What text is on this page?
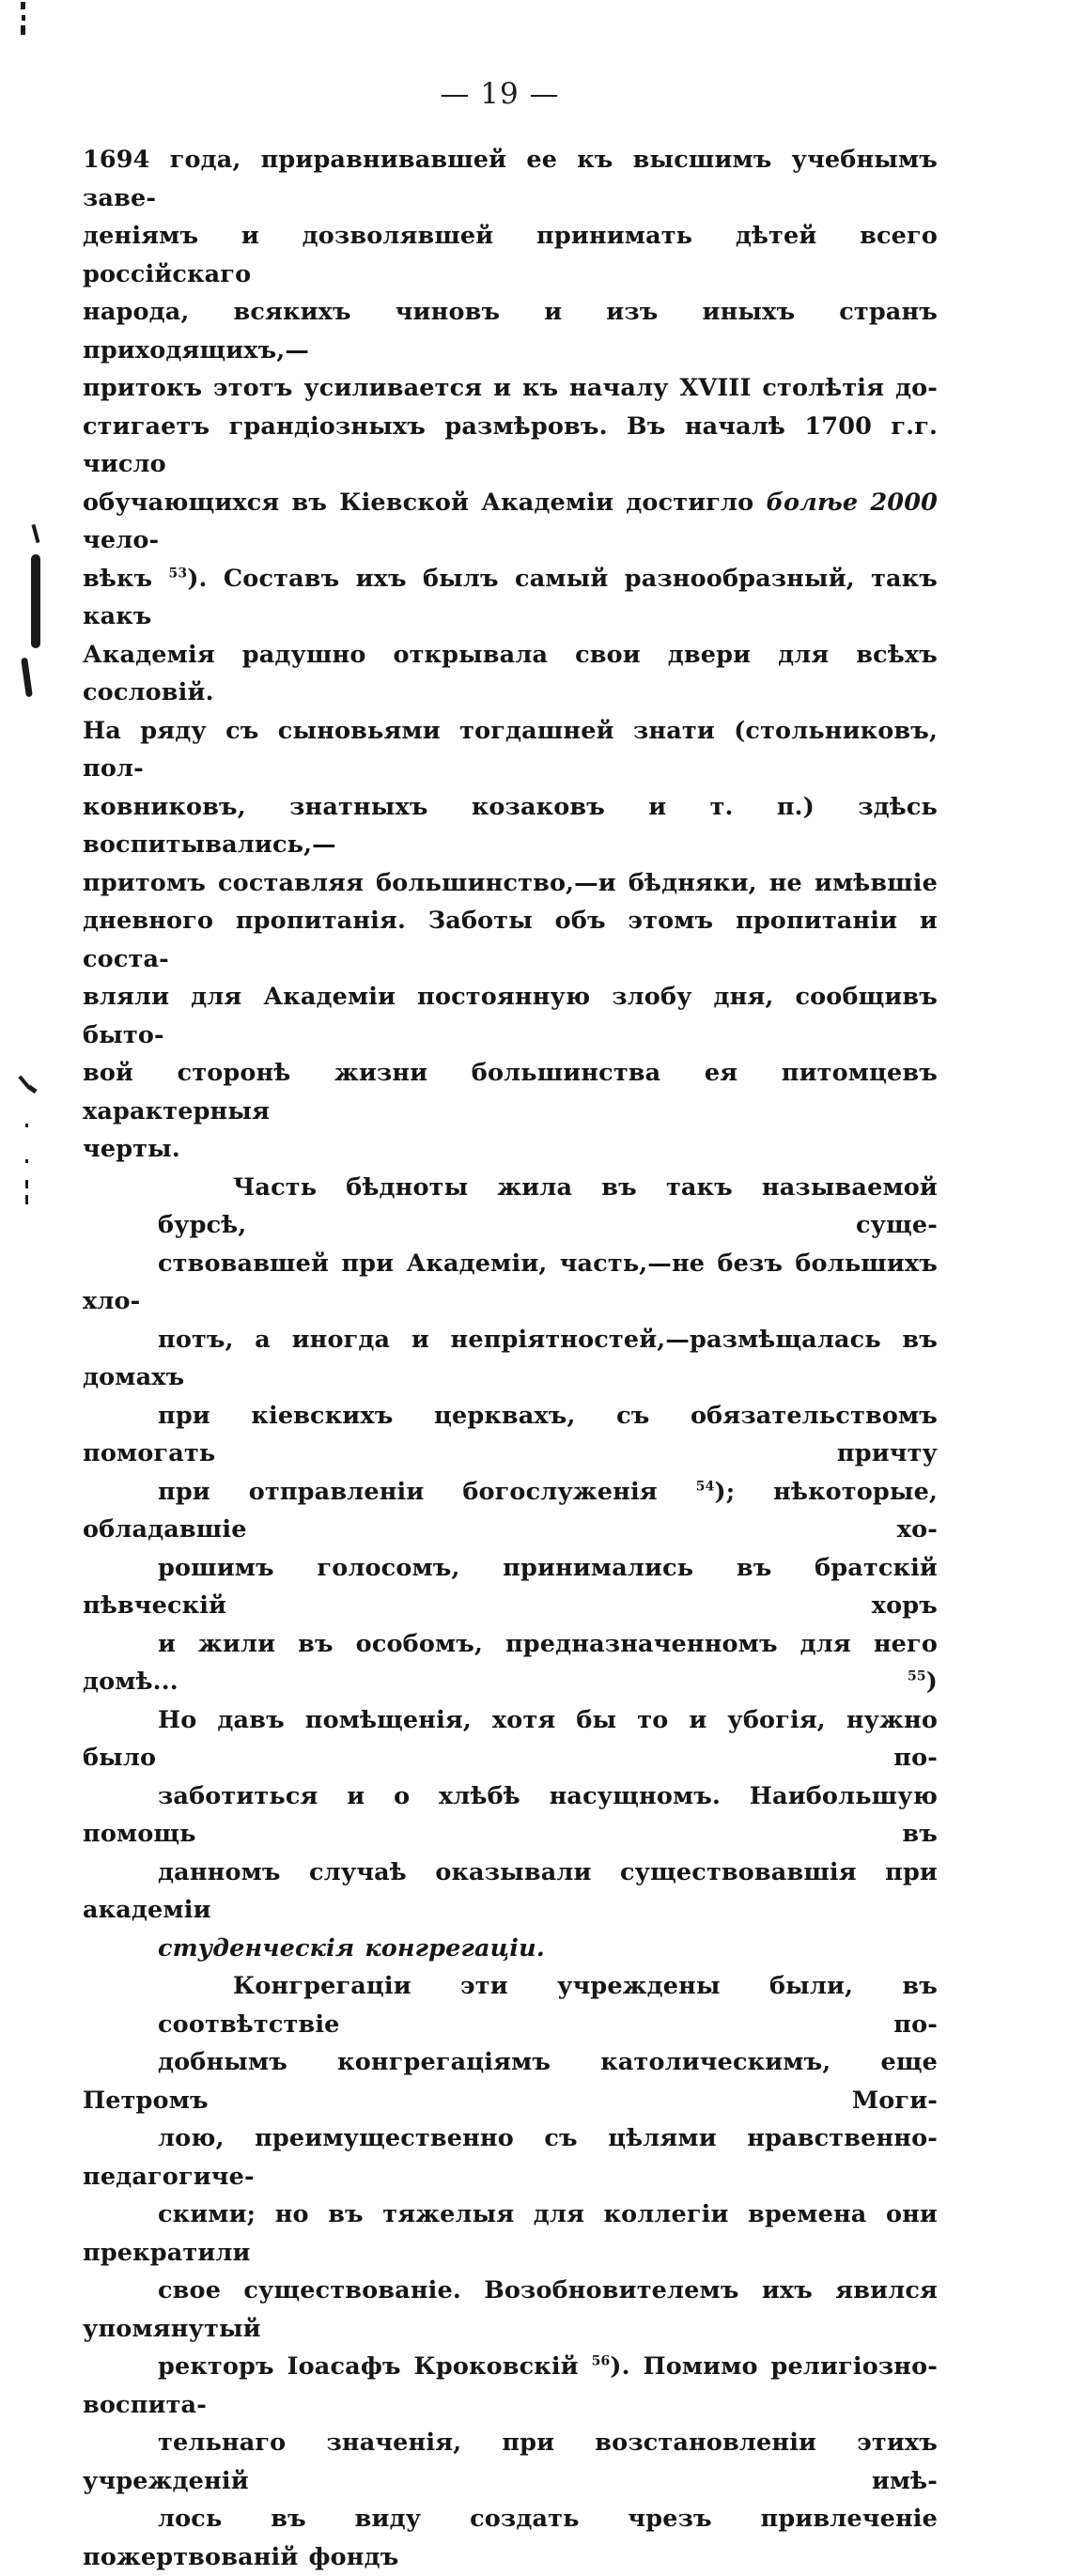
— 19 —

1694 года, приравнивавшей ее къ высшимъ учебнымъ заве-
деніямъ и дозволявшей принимать дѣтей всего россійскаго
народа, всякихъ чиновъ и изъ иныхъ странъ приходящихъ,—
притокъ этотъ усиливается и къ началу XVIII столѣтія до-
стигаетъ грандіозныхъ размѣровъ. Въ началѣ 1700 г.г. число
обучающихся въ Кіевской Академіи достигло болѣе 2000 чело-
вѣкъ $^{53}$). Составъ ихъ былъ самый разнообразный, такъ какъ
Академія радушно открывала свои двери для всѣхъ сословій.
На ряду съ сыновьями тогдашней знати (стольниковъ, пол-
ковниковъ, знатныхъ козаковъ и т. п.) здѣсь воспитывались,—
притомъ составляя большинство,—и бѣдняки, не имѣвшіе
дневного пропитанія. Заботы объ этомъ пропитаніи и соста-
вляли для Академіи постоянную злобу дня, сообщивъ быто-
вой сторонѣ жизни большинства ея питомцевъ характерныя
черты.

Часть бѣдноты жила въ такъ называемой бурсѣ, суще-
ствовавшей при Академіи, часть,—не безъ большихъ хло-
потъ, а иногда и непріятностей,—размѣщалась въ домахъ
при кіевскихъ церквахъ, съ обязательствомъ помогать причту
при отправленіи богослуженія $^{54}$); нѣкоторые, обладавшіе хо-
рошимъ голосомъ, принимались въ братскій пѣвческій хоръ
и жили въ особомъ, предназначенномъ для него домѣ... $^{55}$)
Но давъ помѣщенія, хотя бы то и убогія, нужно было по-
заботиться и о хлѣбѣ насущномъ. Наибольшую помощь въ
данномъ случаѣ оказывали существовавшія при академіи
студенческія конгрегаціи.

Конгрегаціи эти учреждены были, въ соотвѣтствіе по-
добнымъ конгрегаціямъ католическимъ, еще Петромъ Моги-
лою, преимущественно съ цѣлями нравственно-педагогиче-
скими; но въ тяжелыя для коллегіи времена они прекратили
свое существованіе. Возобновителемъ ихъ явился упомянутый
ректоръ Іоасафъ Кроковскій $^{56}$). Помимо религіозно-воспита-
тельнаго значенія, при возстановленіи этихъ учрежденій имѣ-
лось въ виду создать чрезъ привлеченіе пожертвованій фондъ
